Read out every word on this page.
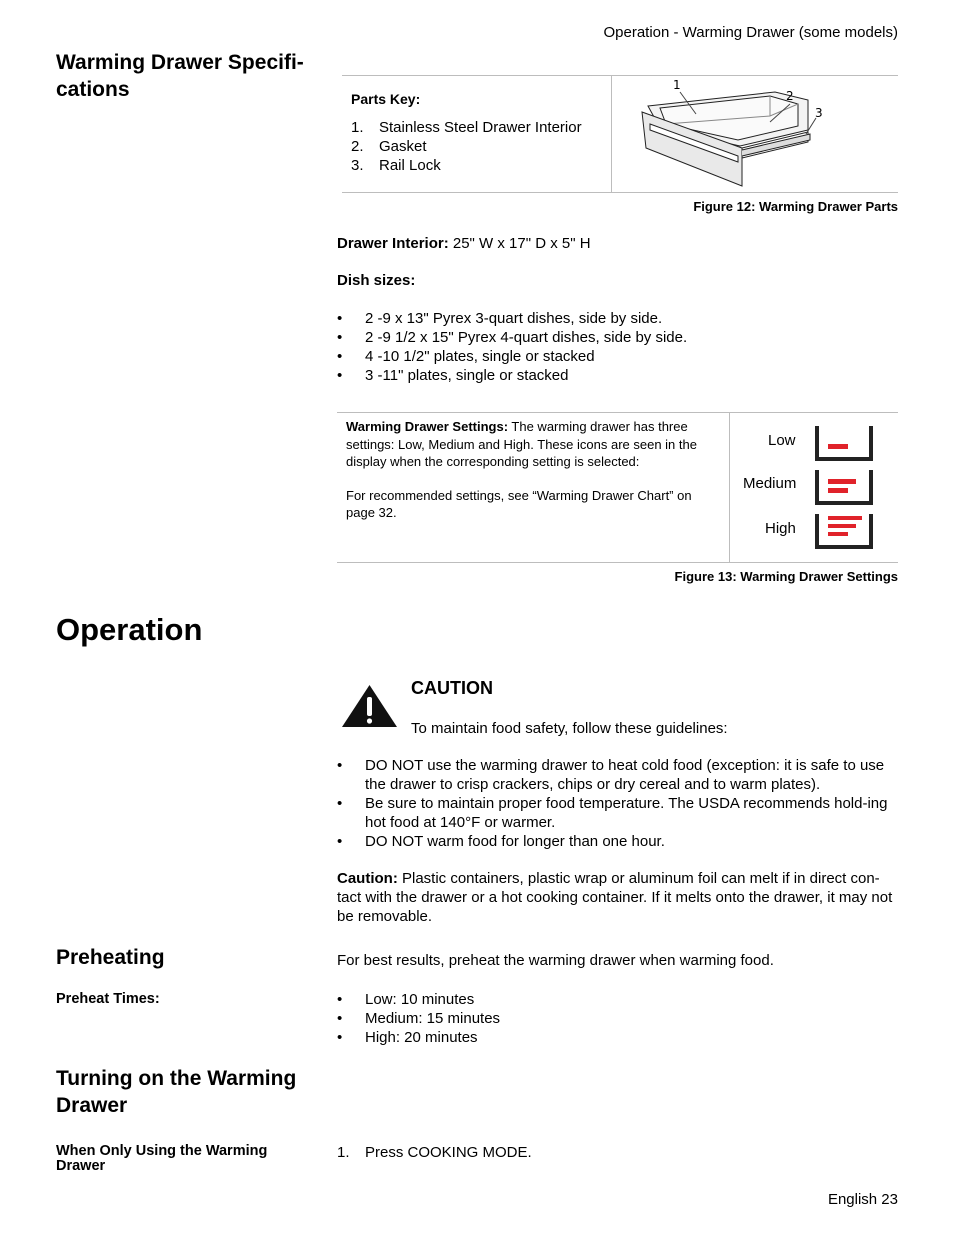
Operation - Warming Drawer (some models)
Warming Drawer Specifi-
cations	Parts Key:
1. Stainless Steel Drawer Interior
2. Gasket
3. Rail Lock
1
2
3
Figure 12: Warming Drawer Parts
Drawer Interior: 25" W x 17" D x 5" H
Dish sizes:
• 2 -9 x 13" Pyrex 3-quart dishes, side by side.
• 2 -9 1/2 x 15" Pyrex 4-quart dishes, side by side.
• 4 -10 1/2" plates, single or stacked
• 3 -11" plates, single or stacked
Warming Drawer Settings: The warming drawer has three settings: Low, Medium and High. These icons are seen in the display when the corresponding setting is selected:
For recommended settings, see “Warming Drawer Chart” on page 32.
Low
Medium
High
Figure 13: Warming Drawer Settings
Operation
CAUTION
To maintain food safety, follow these guidelines:
• DO NOT use the warming drawer to heat cold food (exception: it is safe to use the drawer to crisp crackers, chips or dry cereal and to warm plates).
• Be sure to maintain proper food temperature. The USDA recommends hold-ing hot food at 140°F or warmer.
• DO NOT warm food for longer than one hour.
Caution: Plastic containers, plastic wrap or aluminum foil can melt if in direct con-tact with the drawer or a hot cooking container. If it melts onto the drawer, it may not be removable.
Preheating	For best results, preheat the warming drawer when warming food.
Preheat Times:	• Low: 10 minutes
• Medium: 15 minutes
• High: 20 minutes
Turning on the Warming Drawer
When Only Using the Warming Drawer
1. Press COOKING MODE.
English 23
